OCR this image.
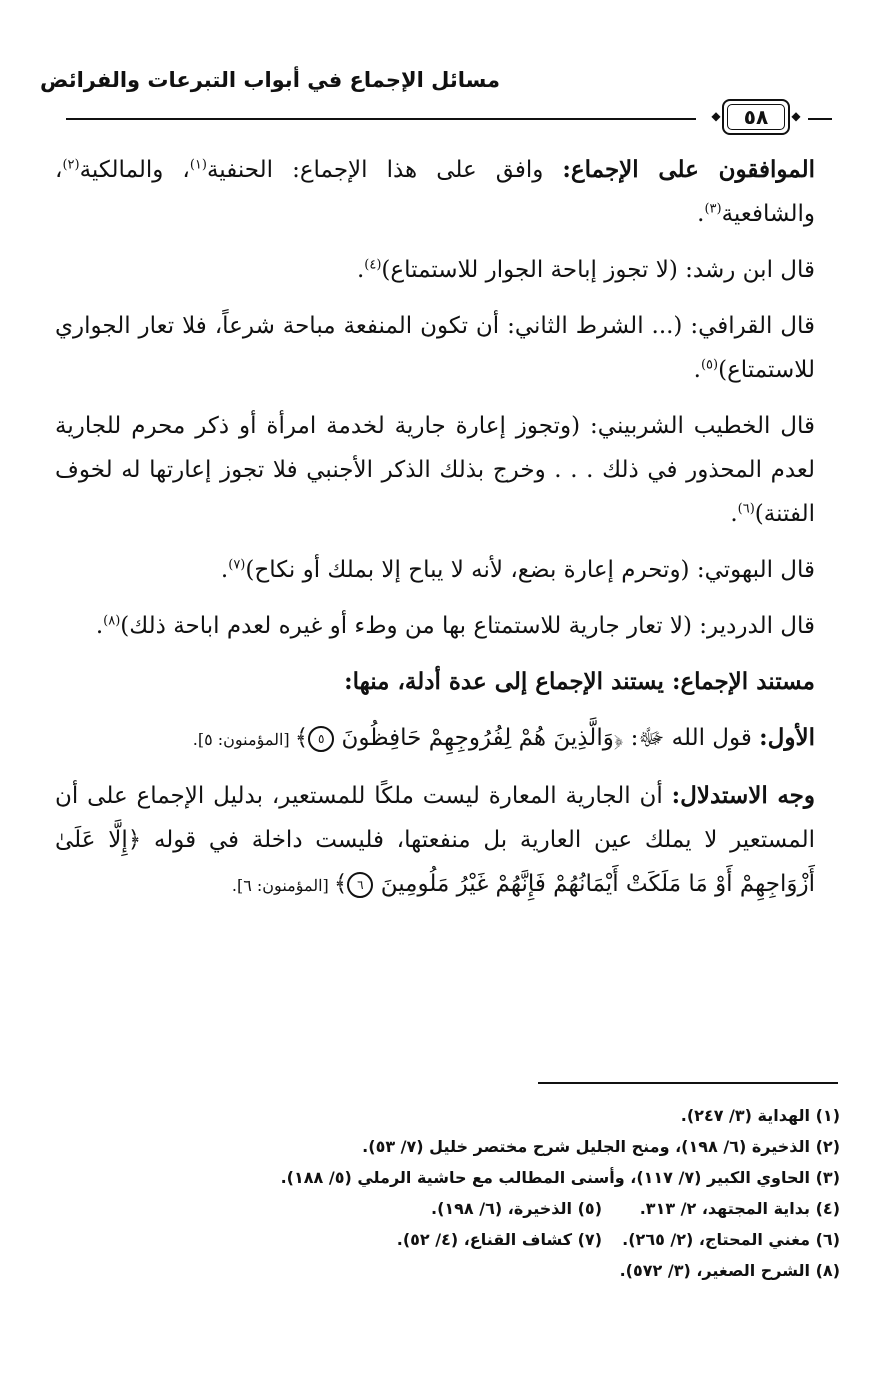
مسائل الإجماع في أبواب التبرعات والفرائض
◆	◆
٥٨

الموافقون على الإجماع: وافق على هذا الإجماع: الحنفية$^{(١)}$، والمالكية$^{(٢)}$، والشافعية$^{(٣)}$.

قال ابن رشد: (لا تجوز إباحة الجوار للاستمتاع)$^{(٤)}$.

قال القرافي: (... الشرط الثاني: أن تكون المنفعة مباحة شرعاً، فلا تعار الجواري للاستمتاع)$^{(٥)}$.

قال الخطيب الشربيني: (وتجوز إعارة جارية لخدمة امرأة أو ذكر محرم للجارية لعدم المحذور في ذلك . . . وخرج بذلك الذكر الأجنبي فلا تجوز إعارتها له لخوف الفتنة)$^{(٦)}$.

قال البهوتي: (وتحرم إعارة بضع، لأنه لا يباح إلا بملك أو نكاح)$^{(٧)}$.

قال الدردير: (لا تعار جارية للاستمتاع بها من وطء أو غيره لعدم اباحة ذلك)$^{(٨)}$.

مستند الإجماع: يستند الإجماع إلى عدة أدلة، منها:

الأول: قول الله ﷻ: ﴿وَالَّذِينَ هُمْ لِفُرُوجِهِمْ حَافِظُونَ ٥﴾ [المؤمنون: ٥].

وجه الاستدلال: أن الجارية المعارة ليست ملكًا للمستعير، بدليل الإجماع على أن المستعير لا يملك عين العارية بل منفعتها، فليست داخلة في قوله ﴿إِلَّا عَلَىٰ أَزْوَاجِهِمْ أَوْ مَا مَلَكَتْ أَيْمَانُهُمْ فَإِنَّهُمْ غَيْرُ مَلُومِينَ ٦﴾ [المؤمنون: ٦].

(١) الهداية (٣/ ٢٤٧).
(٢) الذخيرة (٦/ ١٩٨)، ومنح الجليل شرح مختصر خليل (٧/ ٥٣).
(٣) الحاوي الكبير (٧/ ١١٧)، وأسنى المطالب مع حاشية الرملي (٥/ ١٨٨).
(٤) بداية المجتهد، ٢/ ٣١٣.
(٥) الذخيرة، (٦/ ١٩٨).
(٦) مغني المحتاج، (٢/ ٢٦٥).
(٧) كشاف القناع، (٤/ ٥٢).
(٨) الشرح الصغير، (٣/ ٥٧٢).
